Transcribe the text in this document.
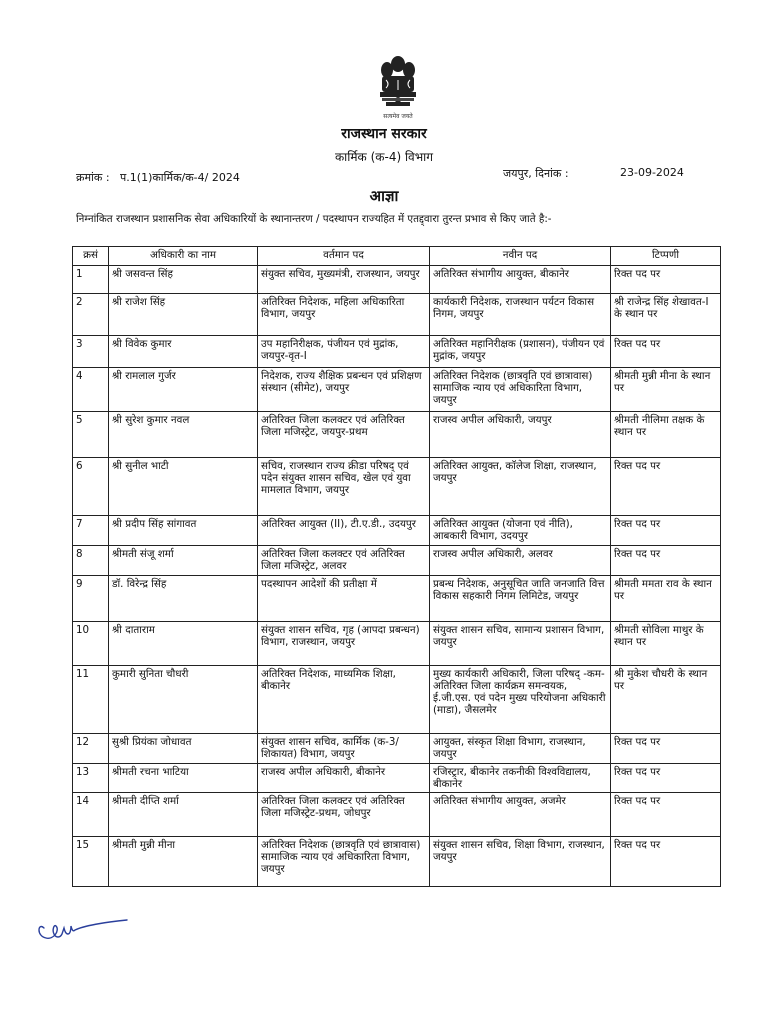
सत्यमेव जयते
राजस्थान सरकार
कार्मिक (क-4) विभाग
क्रमांक : प.1(1)कार्मिक/क-4/ 2024	जयपुर, दिनांक :	23-09-2024
आज्ञा
निम्नांकित राजस्थान प्रशासनिक सेवा अधिकारियों के स्थानान्तरण / पदस्थापन राज्यहित में एतद्द्वारा तुरन्त प्रभाव से किए जाते है:-
क्रसं	अधिकारी का नाम	वर्तमान पद	नवीन पद	टिप्पणी
1	श्री जसवन्त सिंह	संयुक्त सचिव, मुख्यमंत्री, राजस्थान, जयपुर	अतिरिक्त संभागीय आयुक्त, बीकानेर	रिक्त पद पर
2	श्री राजेश सिंह	अतिरिक्त निदेशक, महिला अधिकारिता विभाग, जयपुर	कार्यकारी निदेशक, राजस्थान पर्यटन विकास निगम, जयपुर	श्री राजेन्द्र सिंह शेखावत-I के स्थान पर
3	श्री विवेक कुमार	उप महानिरीक्षक, पंजीयन एवं मुद्रांक, जयपुर-वृत-I	अतिरिक्त महानिरीक्षक (प्रशासन), पंजीयन एवं मुद्रांक, जयपुर	रिक्त पद पर
4	श्री रामलाल गुर्जर	निदेशक, राज्य शैक्षिक प्रबन्धन एवं प्रशिक्षण संस्थान (सीमेट), जयपुर	अतिरिक्त निदेशक (छात्रवृति एवं छात्रावास) सामाजिक न्याय एवं अधिकारिता विभाग, जयपुर	श्रीमती मुन्नी मीना के स्थान पर
5	श्री सुरेश कुमार नवल	अतिरिक्त जिला कलक्टर एवं अतिरिक्त जिला मजिस्ट्रेट, जयपुर-प्रथम	राजस्व अपील अधिकारी, जयपुर	श्रीमती नीलिमा तक्षक के स्थान पर
6	श्री सुनील भाटी	सचिव, राजस्थान राज्य क्रीडा परिषद् एवं पदेन संयुक्त शासन सचिव, खेल एवं युवा मामलात विभाग, जयपुर	अतिरिक्त आयुक्त, कॉलेज शिक्षा, राजस्थान, जयपुर	रिक्त पद पर
7	श्री प्रदीप सिंह सांगावत	अतिरिक्त आयुक्त (II), टी.ए.डी., उदयपुर	अतिरिक्त आयुक्त (योजना एवं नीति), आबकारी विभाग, उदयपुर	रिक्त पद पर
8	श्रीमती संजू शर्मा	अतिरिक्त जिला कलक्टर एवं अतिरिक्त जिला मजिस्ट्रेट, अलवर	राजस्व अपील अधिकारी, अलवर	रिक्त पद पर
9	डॉ. विरेन्द्र सिंह	पदस्थापन आदेशों की प्रतीक्षा में	प्रबन्ध निदेशक, अनुसूचित जाति जनजाति वित्त विकास सहकारी निगम लिमिटेड, जयपुर	श्रीमती ममता राव के स्थान पर
10	श्री दाताराम	संयुक्त शासन सचिव, गृह (आपदा प्रबन्धन) विभाग, राजस्थान, जयपुर	संयुक्त शासन सचिव, सामान्य प्रशासन विभाग, जयपुर	श्रीमती सोविला माथुर के स्थान पर
11	कुमारी सुनिता चौधरी	अतिरिक्त निदेशक, माध्यमिक शिक्षा, बीकानेर	मुख्य कार्यकारी अधिकारी, जिला परिषद् -कम- अतिरिक्त जिला कार्यक्रम समन्वयक, ई.जी.एस. एवं पदेन मुख्य परियोजना अधिकारी (माडा), जैसलमेर	श्री मुकेश चौधरी के स्थान पर
12	सुश्री प्रियंका जोधावत	संयुक्त शासन सचिव, कार्मिक (क-3/शिकायत) विभाग, जयपुर	आयुक्त, संस्कृत शिक्षा विभाग, राजस्थान, जयपुर	रिक्त पद पर
13	श्रीमती रचना भाटिया	राजस्व अपील अधिकारी, बीकानेर	रजिस्ट्रार, बीकानेर तकनीकी विश्वविद्यालय, बीकानेर	रिक्त पद पर
14	श्रीमती दीप्ति शर्मा	अतिरिक्त जिला कलक्टर एवं अतिरिक्त जिला मजिस्ट्रेट-प्रथम, जोधपुर	अतिरिक्त संभागीय आयुक्त, अजमेर	रिक्त पद पर
15	श्रीमती मुन्नी मीना	अतिरिक्त निदेशक (छात्रवृति एवं छात्रावास) सामाजिक न्याय एवं अधिकारिता विभाग, जयपुर	संयुक्त शासन सचिव, शिक्षा विभाग, राजस्थान, जयपुर	रिक्त पद पर
